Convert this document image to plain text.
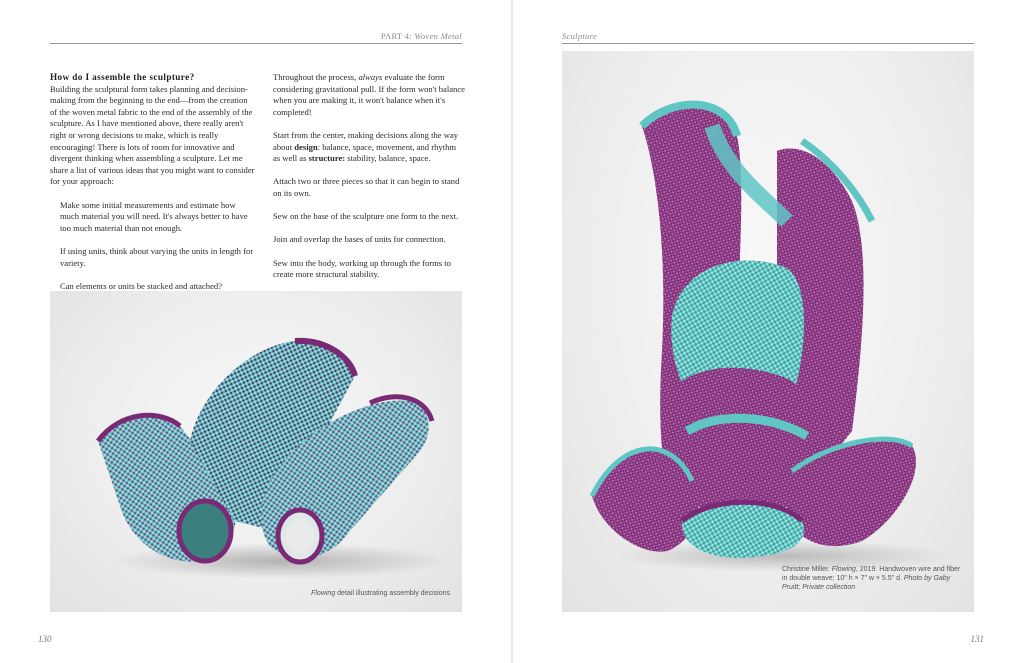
PART 4: Woven Metal
How do I assemble the sculpture?
Building the sculptural form takes planning and decision-making from the beginning to the end—from the creation of the woven metal fabric to the end of the assembly of the sculpture. As I have mentioned above, there really aren't right or wrong decisions to make, which is really encouraging! There is lots of room for innovative and divergent thinking when assembling a sculpture. Let me share a list of various ideas that you might want to consider for your approach:
Make some initial measurements and estimate how much material you will need. It's always better to have too much material than not enough.
If using units, think about varying the units in length for variety.
Can elements or units be stacked and attached?
Throughout the process, always evaluate the form considering gravitational pull. If the form won't balance when you are making it, it won't balance when it's completed!
Start from the center, making decisions along the way about design: balance, space, movement, and rhythm as well as structure: stability, balance, space.
Attach two or three pieces so that it can begin to stand on its own.
Sew on the base of the sculpture one form to the next.
Join and overlap the bases of units for connection.
Sew into the body, working up through the forms to create more structural stability.
Flowing detail illustrating assembly decisions
130
Sculpture
Christine Miller. Flowing, 2019. Handwoven wire and fiber in double weave; 10" h × 7" w × 5.5" d. Photo by Gaby Pruitt; Private collection
131
